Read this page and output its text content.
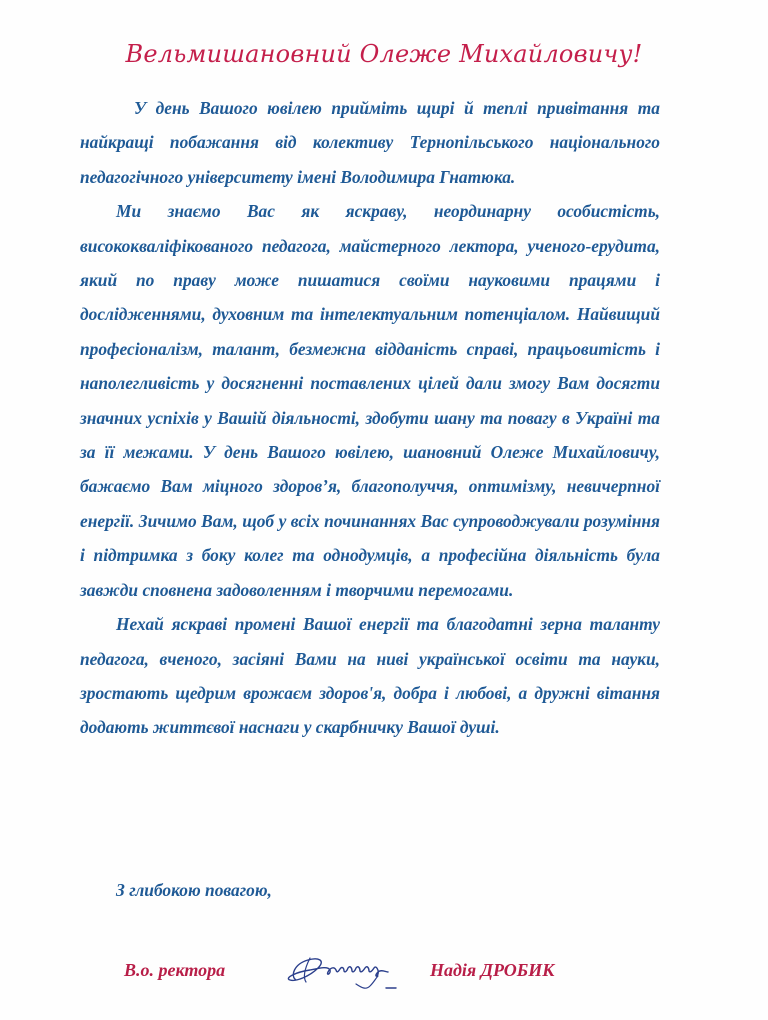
Вельмишановний Олеже Михайловичу!

У день Вашого ювілею прийміть щирі й теплі привітання та найкращі побажання від колективу Тернопільського національного педагогічного університету імені Володимира Гнатюка.

Ми знаємо Вас як яскраву, неординарну особистість, висококваліфікованого педагога, майстерного лектора, ученого-ерудита, який по праву може пишатися своїми науковими працями і дослідженнями, духовним та інтелектуальним потенціалом. Найвищий професіоналізм, талант, безмежна відданість справі, працьовитість і наполегливість у досягненні поставлених цілей дали змогу Вам досягти значних успіхів у Вашій діяльності, здобути шану та повагу в Україні та за її межами. У день Вашого ювілею, шановний Олеже Михайловичу, бажаємо Вам міцного здоров’я, благополуччя, оптимізму, невичерпної енергії. Зичимо Вам, щоб у всіх починаннях Вас супроводжували розуміння і підтримка з боку колег та однодумців, а професійна діяльність була завжди сповнена задоволенням і творчими перемогами.

Нехай яскраві промені Вашої енергії та благодатні зерна таланту педагога, вченого, засіяні Вами на ниві української освіти та науки, зростають щедрим врожаєм здоров'я, добра і любові, а дружні вітання додають життєвої наснаги у скарбничку Вашої душі.

З глибокою повагою,
В.о. ректора	Надія ДРОБИК
